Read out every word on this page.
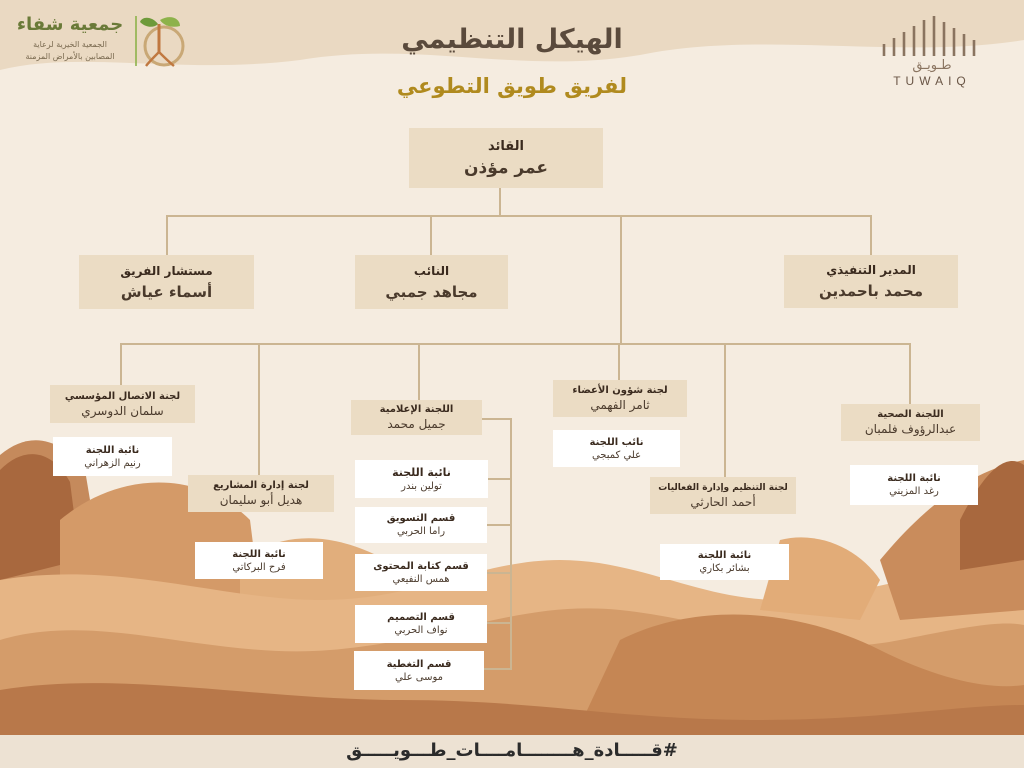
طـويـق
TUWAIQ
جمعية شفاء
الجمعية الخيرية لرعاية
المصابين بالأمراض المزمنة
الهيكل التنظيمي
لفريق طويق التطوعي
القائد
عمر مؤذن
مستشار الفريق
أسماء عياش
النائب
مجاهد جمبي
المدير التنفيذي
محمد باحمدين
لجنة الاتصال المؤسسي
سلمان الدوسري
نائبة اللجنة
رنيم الزهراني
لجنة إدارة المشاريع
هديل أبو سليمان
نائبة اللجنة
فرح البركاتي
اللجنة الإعلامية
جميل محمد
نائبة اللجنة
تولين بندر
قسم التسويق
راما الحربي
قسم كتابة المحتوى
همس النفيعي
قسم التصميم
نواف الحربي
قسم التغطية
موسى علي
لجنة شؤون الأعضاء
ثامر الفهمي
نائب اللجنة
علي كمبجي
لجنة التنظيم وإدارة الفعاليات
أحمد الحارثي
نائبة اللجنة
بشائر بكاري
اللجنة الصحية
عبدالرؤوف فلمبان
نائبة اللجنة
رغد المزيني
#قـــــادة_هــــــــامــــات_طـــويـــــق
